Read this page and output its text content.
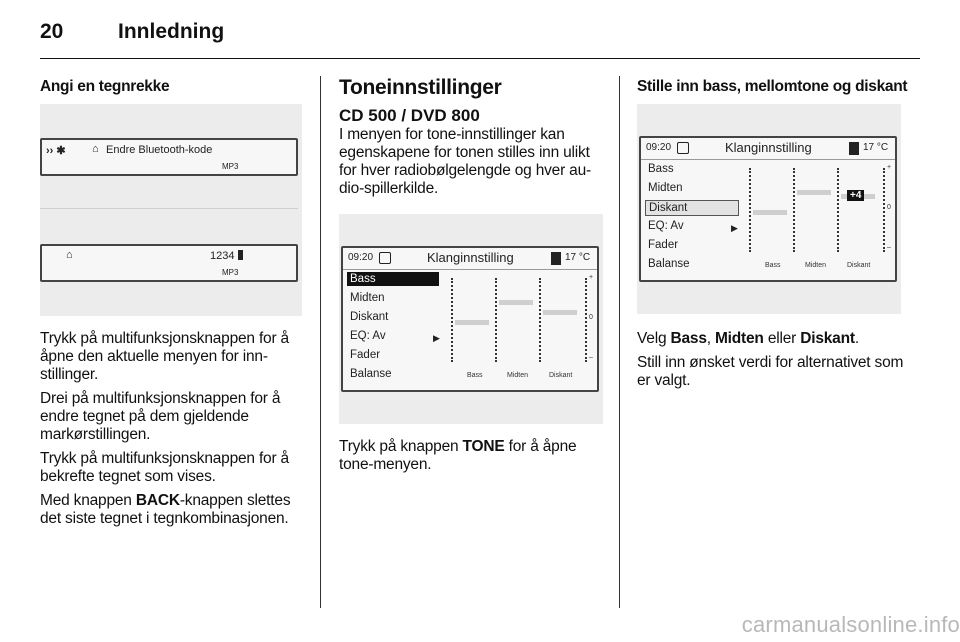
20	Innledning
Angi en tegnrekke
›› ✱ ⌂ Endre Bluetooth-kode
MP3
⌂	1234
MP3

Trykk på multifunksjonsknappen for å åpne den aktuelle menyen for inn-stillinger.

Drei på multifunksjonsknappen for å endre tegnet på dem gjeldende markørstillingen.

Trykk på multifunksjonsknappen for å bekrefte tegnet som vises.

Med knappen BACK-knappen slettes det siste tegnet i tegnkombinasjonen.

Toneinnstillinger
CD 500 / DVD 800

I menyen for tone-innstillinger kan egenskapene for tonen stilles inn ulikt for hver radiobølgelengde og hver au-dio-spillerkilde.

09:20	Klanginnstilling	17 °C
Bass
Midten
Diskant
EQ: Av	▶
Fader
Balanse
+
0
–
Bass	Midten	Diskant

Trykk på knappen TONE for å åpne tone-menyen.

Stille inn bass, mellomtone og diskant
09:20	Klanginnstilling	17 °C
Bass
Midten
Diskant
EQ: Av	▶
Fader
Balanse
+4
+
0
–
Bass	Midten	Diskant

Velg Bass, Midten eller Diskant.

Still inn ønsket verdi for alternativet som er valgt.

carmanualsonline.info
